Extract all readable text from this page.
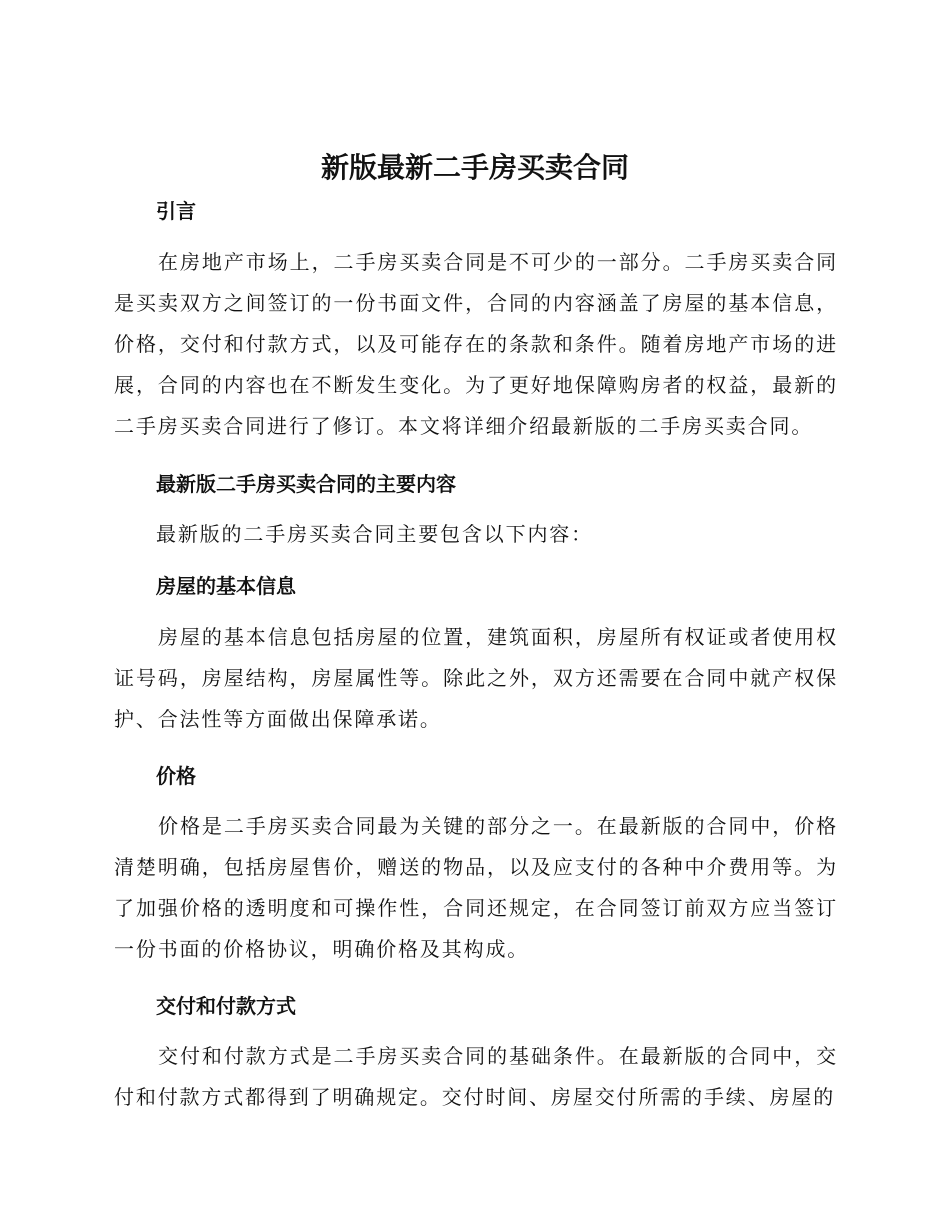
新版最新二手房买卖合同
引言
在房地产市场上，二手房买卖合同是不可少的一部分。二手房买卖合同是买卖双方之间签订的一份书面文件，合同的内容涵盖了房屋的基本信息，价格，交付和付款方式，以及可能存在的条款和条件。随着房地产市场的进展，合同的内容也在不断发生变化。为了更好地保障购房者的权益，最新的二手房买卖合同进行了修订。本文将详细介绍最新版的二手房买卖合同。
最新版二手房买卖合同的主要内容
最新版的二手房买卖合同主要包含以下内容：
房屋的基本信息
房屋的基本信息包括房屋的位置，建筑面积，房屋所有权证或者使用权证号码，房屋结构，房屋属性等。除此之外，双方还需要在合同中就产权保护、合法性等方面做出保障承诺。
价格
价格是二手房买卖合同最为关键的部分之一。在最新版的合同中，价格清楚明确，包括房屋售价，赠送的物品，以及应支付的各种中介费用等。为了加强价格的透明度和可操作性，合同还规定，在合同签订前双方应当签订一份书面的价格协议，明确价格及其构成。
交付和付款方式
交付和付款方式是二手房买卖合同的基础条件。在最新版的合同中，交付和付款方式都得到了明确规定。交付时间、房屋交付所需的手续、房屋的
